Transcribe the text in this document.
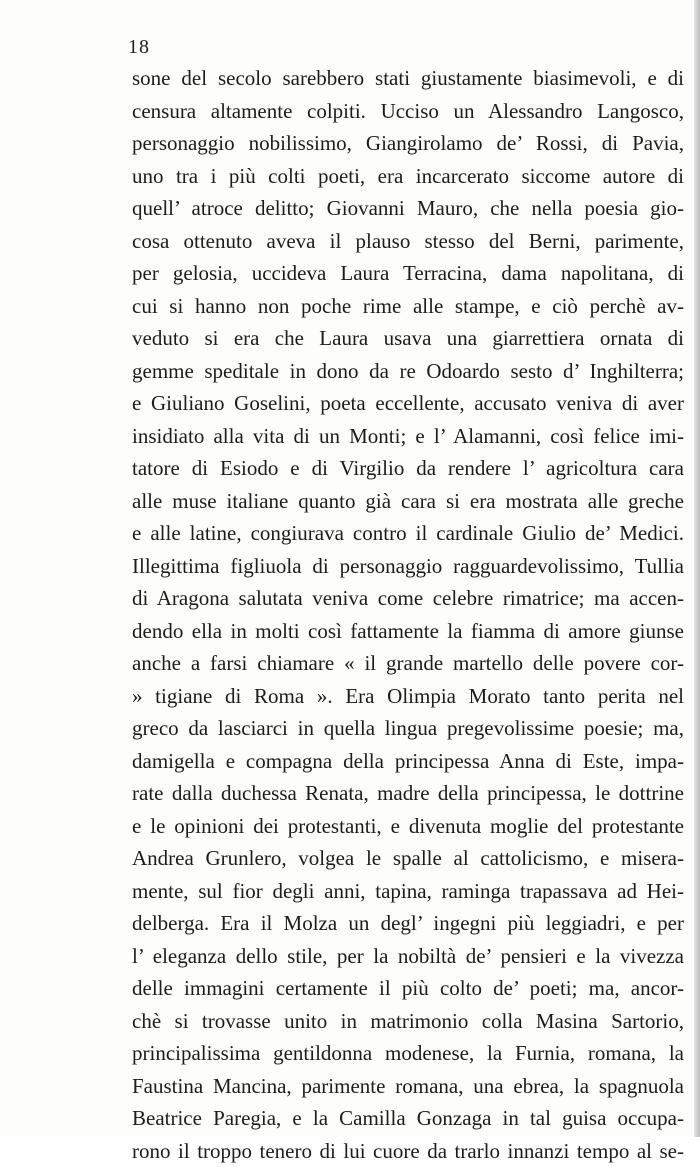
18
sone del secolo sarebbero stati giustamente biasimevoli, e di
censura altamente colpiti. Ucciso un Alessandro Langosco,
personaggio nobilissimo, Giangirolamo de’ Rossi, di Pavia,
uno tra i più colti poeti, era incarcerato siccome autore di
quell’ atroce delitto; Giovanni Mauro, che nella poesia gio-
cosa ottenuto aveva il plauso stesso del Berni, parimente,
per gelosia, uccideva Laura Terracina, dama napolitana, di
cui si hanno non poche rime alle stampe, e ciò perchè av-
veduto si era che Laura usava una giarrettiera ornata di
gemme speditale in dono da re Odoardo sesto d’ Inghilterra;
e Giuliano Goselini, poeta eccellente, accusato veniva di aver
insidiato alla vita di un Monti; e l’ Alamanni, così felice imi-
tatore di Esiodo e di Virgilio da rendere l’ agricoltura cara
alle muse italiane quanto già cara si era mostrata alle greche
e alle latine, congiurava contro il cardinale Giulio de’ Medici.
Illegittima figliuola di personaggio ragguardevolissimo, Tullia
di Aragona salutata veniva come celebre rimatrice; ma accen-
dendo ella in molti così fattamente la fiamma di amore giunse
anche a farsi chiamare « il grande martello delle povere cor-
» tigiane di Roma ». Era Olimpia Morato tanto perita nel
greco da lasciarci in quella lingua pregevolissime poesie; ma,
damigella e compagna della principessa Anna di Este, impa-
rate dalla duchessa Renata, madre della principessa, le dottrine
e le opinioni dei protestanti, e divenuta moglie del protestante
Andrea Grunlero, volgea le spalle al cattolicismo, e misera-
mente, sul fior degli anni, tapina, raminga trapassava ad Hei-
delberga. Era il Molza un degl’ ingegni più leggiadri, e per
l’ eleganza dello stile, per la nobiltà de’ pensieri e la vivezza
delle immagini certamente il più colto de’ poeti; ma, ancor-
chè si trovasse unito in matrimonio colla Masina Sartorio,
principalissima gentildonna modenese, la Furnia, romana, la
Faustina Mancina, parimente romana, una ebrea, la spagnuola
Beatrice Paregia, e la Camilla Gonzaga in tal guisa occupa-
rono il troppo tenero di lui cuore da trarlo innanzi tempo al se-
